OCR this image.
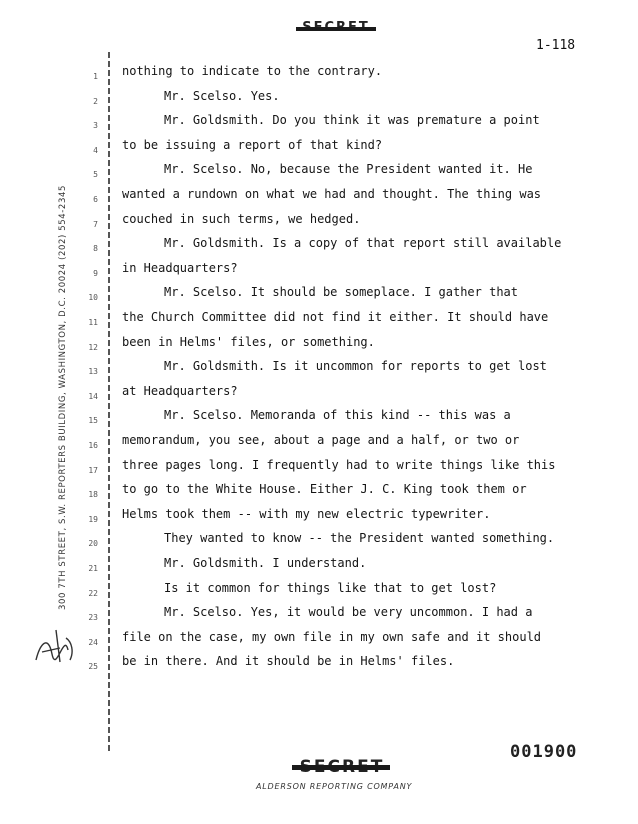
1-118
300 7TH STREET, S.W. REPORTERS BUILDING, WASHINGTON, D.C. 20024 (202) 554-2345
1
2
3
4
5
6
7
8
9
10
11
12
13
14
15
16
17
18
19
20
21
22
23
24
25
nothing to indicate to the contrary.
Mr. Scelso. Yes.
Mr. Goldsmith. Do you think it was premature a point
to be issuing a report of that kind?
Mr. Scelso. No, because the President wanted it. He
wanted a rundown on what we had and thought. The thing was
couched in such terms, we hedged.
Mr. Goldsmith. Is a copy of that report still available
in Headquarters?
Mr. Scelso. It should be someplace. I gather that
the Church Committee did not find it either. It should have
been in Helms' files, or something.
Mr. Goldsmith. Is it uncommon for reports to get lost
at Headquarters?
Mr. Scelso. Memoranda of this kind -- this was a
memorandum, you see, about a page and a half, or two or
three pages long. I frequently had to write things like this
to go to the White House. Either J. C. King took them or
Helms took them -- with my new electric typewriter.
They wanted to know -- the President wanted something.
Mr. Goldsmith. I understand.
Is it common for things like that to get lost?
Mr. Scelso. Yes, it would be very uncommon. I had a
file on the case, my own file in my own safe and it should
be in there. And it should be in Helms' files.
001900
ALDERSON REPORTING COMPANY
